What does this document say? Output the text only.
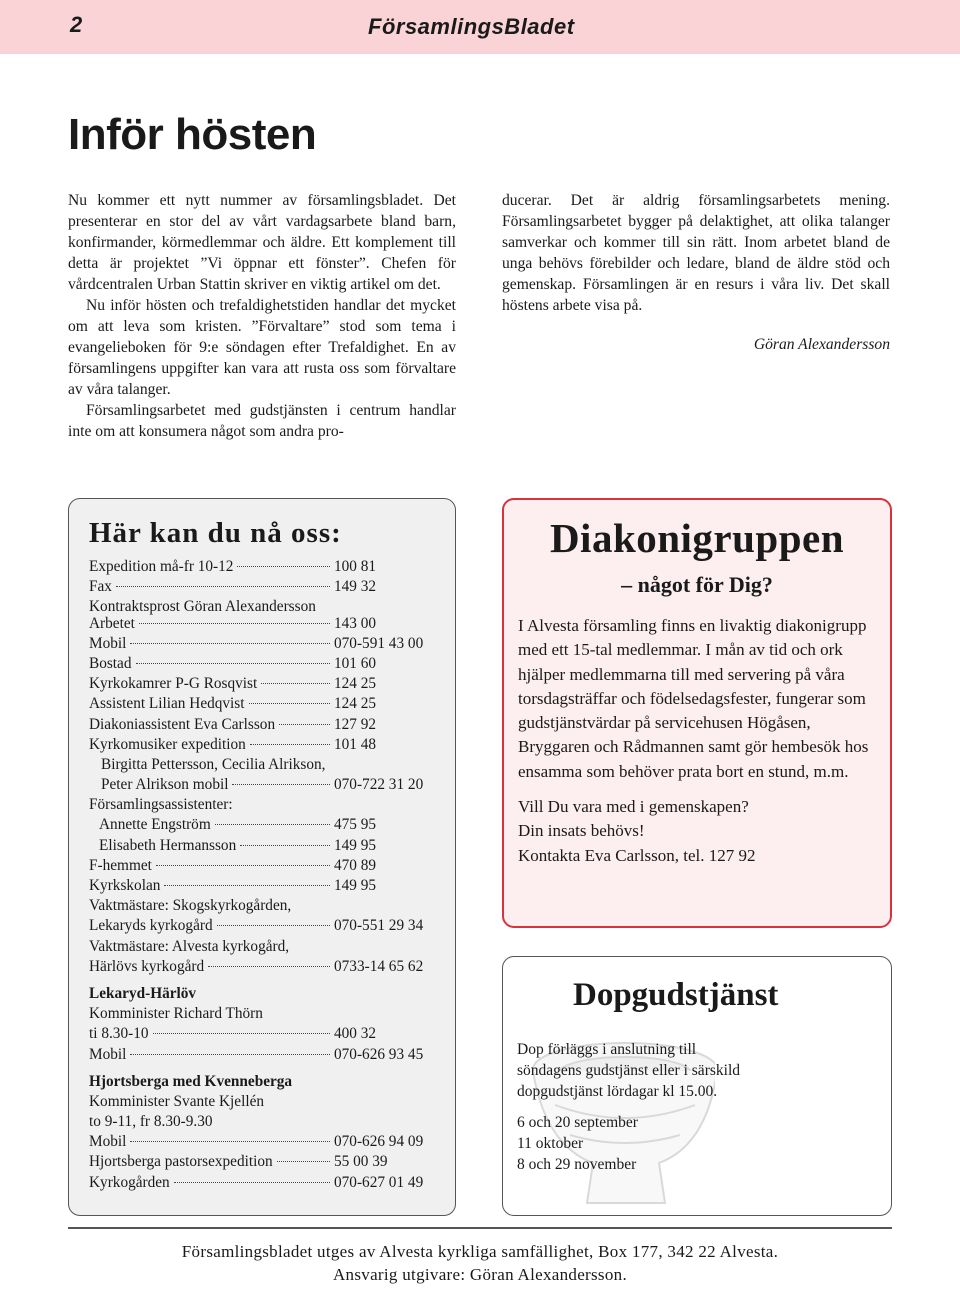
2	FörsamlingsBladet
Inför hösten

Nu kommer ett nytt nummer av församlingsbladet. Det presenterar en stor del av vårt vardagsarbete bland barn, konfirmander, körmedlemmar och äldre. Ett komplement till detta är projektet ”Vi öppnar ett fönster”. Chefen för vårdcentralen Urban Stattin skriver en viktig artikel om det.

Nu inför hösten och trefaldighetstiden handlar det mycket om att leva som kristen. ”Förvaltare” stod som tema i evangelieboken för 9:e söndagen efter Trefaldighet. En av församlingens uppgifter kan vara att rusta oss som förvaltare av våra talanger.

Församlingsarbetet med gudstjänsten i centrum handlar inte om att konsumera något som andra pro-

ducerar. Det är aldrig församlingsarbetets mening. Församlingsarbetet bygger på delaktighet, att olika talanger samverkar och kommer till sin rätt. Inom arbetet bland de unga behövs förebilder och ledare, bland de äldre stöd och gemenskap. Församlingen är en resurs i våra liv. Det skall höstens arbete visa på.

Göran Alexandersson

Här kan du nå oss:
Expedition må-fr 10-12	100 81
Fax	149 32
Kontraktsprost Göran Alexandersson
Arbetet	143 00
Mobil	070-591 43 00
Bostad	101 60
Kyrkokamrer P-G Rosqvist	124 25
Assistent Lilian Hedqvist	124 25
Diakoniassistent Eva Carlsson	127 92
Kyrkomusiker expedition	101 48
Birgitta Pettersson, Cecilia Alrikson,
Peter Alrikson mobil	070-722 31 20
Församlingsassistenter:
Annette Engström	475 95
Elisabeth Hermansson	149 95
F-hemmet	470 89
Kyrkskolan	149 95
Vaktmästare: Skogskyrkogården,
Lekaryds kyrkogård	070-551 29 34
Vaktmästare: Alvesta kyrkogård,
Härlövs kyrkogård	0733-14 65 62
Lekaryd-Härlöv
Komminister Richard Thörn
ti 8.30-10	400 32
Mobil	070-626 93 45
Hjortsberga med Kvenneberga
Komminister Svante Kjellén
to 9-11, fr 8.30-9.30
Mobil	070-626 94 09
Hjortsberga pastorsexpedition	55 00 39
Kyrkogården	070-627 01 49
Diakonigruppen
– något för Dig?

I Alvesta församling finns en livaktig diakonigrupp med ett 15-tal medlemmar. I mån av tid och ork hjälper medlemmarna till med servering på våra torsdagsträffar och födelsedagsfester, fungerar som gudstjänstvärdar på servicehusen Högåsen, Bryggaren och Rådmannen samt gör hembesök hos ensamma som behöver prata bort en stund, m.m.

Vill Du vara med i gemenskapen?
Din insats behövs!
Kontakta Eva Carlsson, tel. 127 92

Dopgudstjänst

Dop förläggs i anslutning till söndagens gudstjänst eller i särskild dopgudstjänst lördagar kl 15.00.

6 och 20 september
11 oktober
8 och 29 november

Församlingsbladet utges av Alvesta kyrkliga samfällighet, Box 177, 342 22 Alvesta.
Ansvarig utgivare: Göran Alexandersson.
